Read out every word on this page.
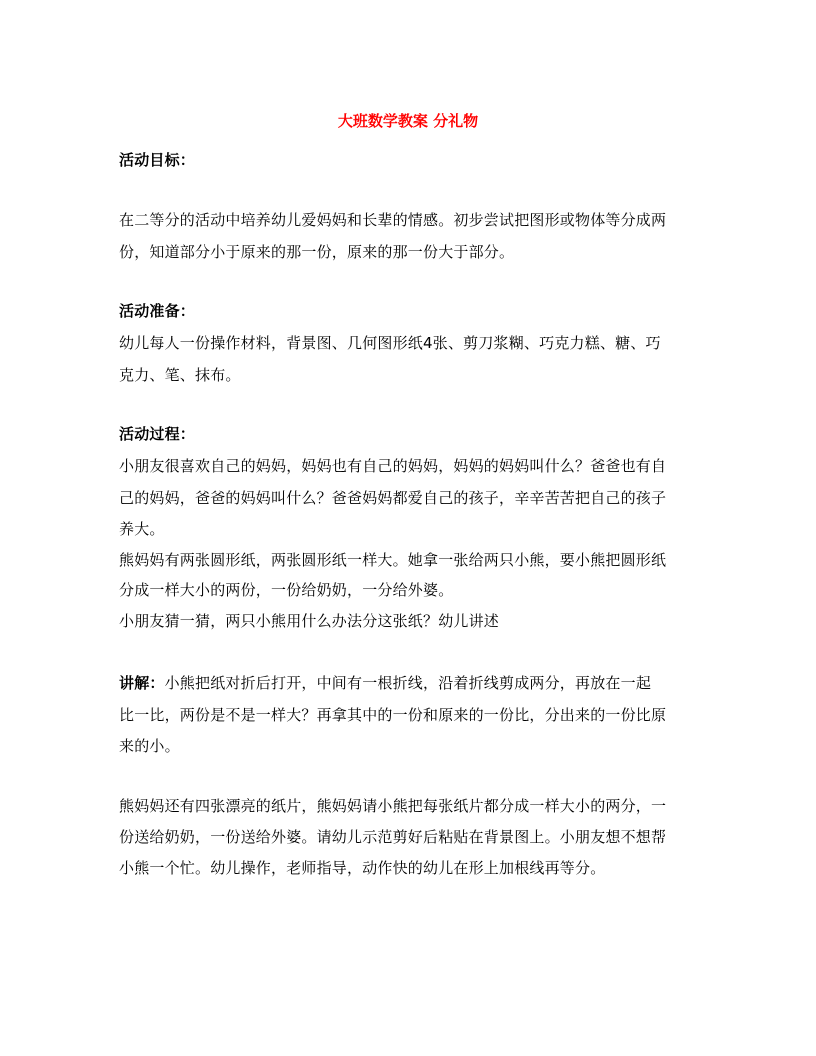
大班数学教案 分礼物
活动目标：
在二等分的活动中培养幼儿爱妈妈和长辈的情感。初步尝试把图形或物体等分成两
份，知道部分小于原来的那一份，原来的那一份大于部分。
活动准备：
幼儿每人一份操作材料，背景图、几何图形纸4张、剪刀浆糊、巧克力糕、糖、巧
克力、笔、抹布。
活动过程：
小朋友很喜欢自己的妈妈，妈妈也有自己的妈妈，妈妈的妈妈叫什么？爸爸也有自
己的妈妈，爸爸的妈妈叫什么？爸爸妈妈都爱自己的孩子，辛辛苦苦把自己的孩子
养大。
熊妈妈有两张圆形纸，两张圆形纸一样大。她拿一张给两只小熊，要小熊把圆形纸
分成一样大小的两份，一份给奶奶，一分给外婆。
小朋友猜一猜，两只小熊用什么办法分这张纸？幼儿讲述
讲解：小熊把纸对折后打开，中间有一根折线，沿着折线剪成两分，再放在一起
比一比，两份是不是一样大？再拿其中的一份和原来的一份比，分出来的一份比原
来的小。
熊妈妈还有四张漂亮的纸片，熊妈妈请小熊把每张纸片都分成一样大小的两分，一
份送给奶奶，一份送给外婆。请幼儿示范剪好后粘贴在背景图上。小朋友想不想帮
小熊一个忙。幼儿操作，老师指导，动作快的幼儿在形上加根线再等分。
